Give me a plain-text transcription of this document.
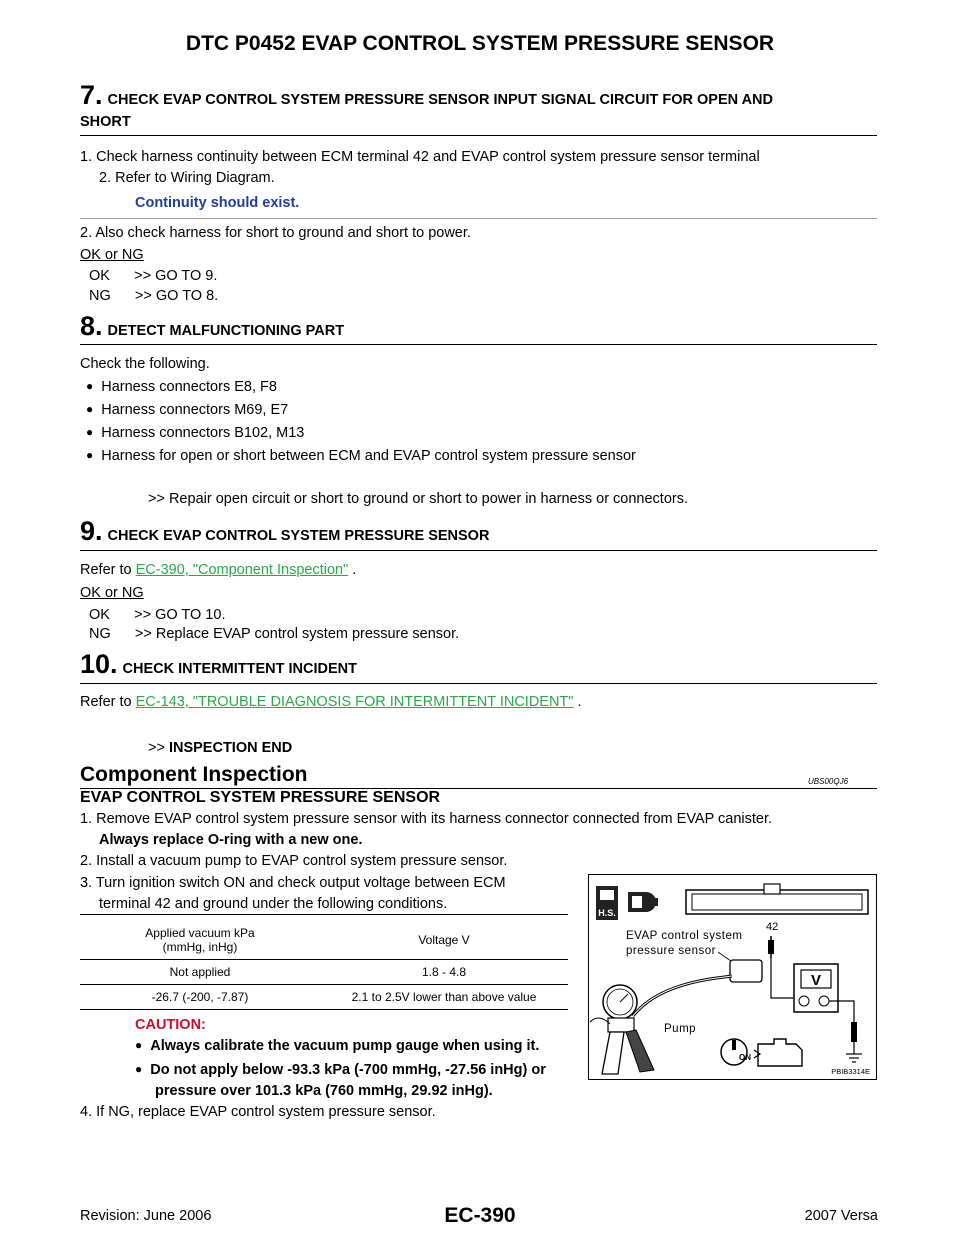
DTC P0452 EVAP CONTROL SYSTEM PRESSURE SENSOR
7. CHECK EVAP CONTROL SYSTEM PRESSURE SENSOR INPUT SIGNAL CIRCUIT FOR OPEN AND
SHORT
1. Check harness continuity between ECM terminal 42 and EVAP control system pressure sensor terminal
2. Refer to Wiring Diagram.
Continuity should exist.
2. Also check harness for short to ground and short to power.
OK or NG
OK      >> GO TO 9.
NG      >> GO TO 8.
8. DETECT MALFUNCTIONING PART
Check the following.
● Harness connectors E8, F8
● Harness connectors M69, E7
● Harness connectors B102, M13
● Harness for open or short between ECM and EVAP control system pressure sensor
>> Repair open circuit or short to ground or short to power in harness or connectors.
9. CHECK EVAP CONTROL SYSTEM PRESSURE SENSOR
Refer to EC-390, "Component Inspection" .
OK or NG
OK      >> GO TO 10.
NG      >> Replace EVAP control system pressure sensor.
10. CHECK INTERMITTENT INCIDENT
Refer to EC-143, "TROUBLE DIAGNOSIS FOR INTERMITTENT INCIDENT" .
>> INSPECTION END
Component Inspection	UBS00QJ6
EVAP CONTROL SYSTEM PRESSURE SENSOR
1. Remove EVAP control system pressure sensor with its harness connector connected from EVAP canister.
Always replace O-ring with a new one.
2. Install a vacuum pump to EVAP control system pressure sensor.
3. Turn ignition switch ON and check output voltage between ECM
terminal 42 and ground under the following conditions.
Applied vacuum kPa
(mmHg, inHg)	Voltage V
Not applied	1.8 - 4.8
-26.7 (-200, -7.87)	2.1 to 2.5V lower than above value
CAUTION:
● Always calibrate the vacuum pump gauge when using it.
● Do not apply below -93.3 kPa (-700 mmHg, -27.56 inHg) or
pressure over 101.3 kPa (760 mmHg, 29.92 inHg).
4. If NG, replace EVAP control system pressure sensor.
H.S.
42
EVAP control system
pressure sensor
V
Pump
ON
PBIB3314E
Revision: June 2006	EC-390	2007 Versa
